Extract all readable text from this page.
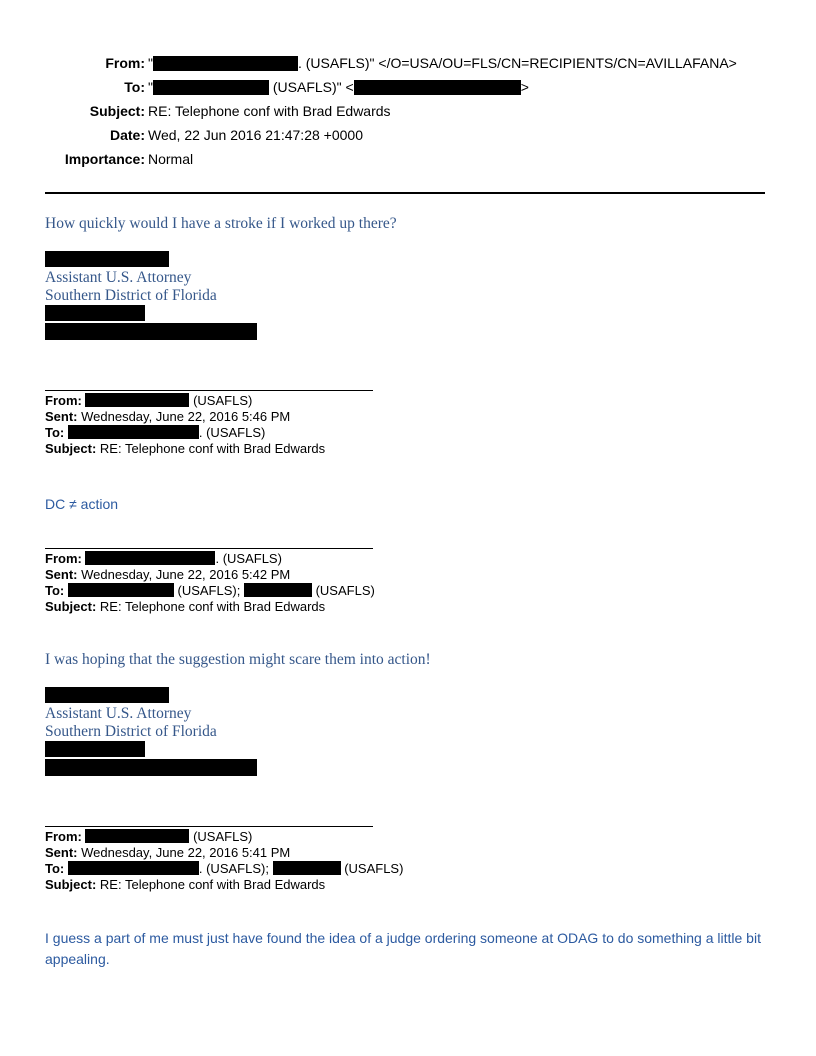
From: "	. (USAFLS)" </O=USA/OU=FLS/CN=RECIPIENTS/CN=AVILLAFANA>
To: "	(USAFLS)" <	>
Subject: RE: Telephone conf with Brad Edwards
Date: Wed, 22 Jun 2016 21:47:28 +0000
Importance: Normal
How quickly would I have a stroke if I worked up there?
Assistant U.S. Attorney
Southern District of Florida
From:	(USAFLS)
Sent: Wednesday, June 22, 2016 5:46 PM
To:	. (USAFLS)
Subject: RE: Telephone conf with Brad Edwards
DC ≠ action
From:	. (USAFLS)
Sent: Wednesday, June 22, 2016 5:42 PM
To:	(USAFLS);	(USAFLS)
Subject: RE: Telephone conf with Brad Edwards
I was hoping that the suggestion might scare them into action!
Assistant U.S. Attorney
Southern District of Florida
From:	(USAFLS)
Sent: Wednesday, June 22, 2016 5:41 PM
To:	. (USAFLS);	(USAFLS)
Subject: RE: Telephone conf with Brad Edwards
I guess a part of me must just have found the idea of a judge ordering someone at ODAG to do something a little bit appealing.
